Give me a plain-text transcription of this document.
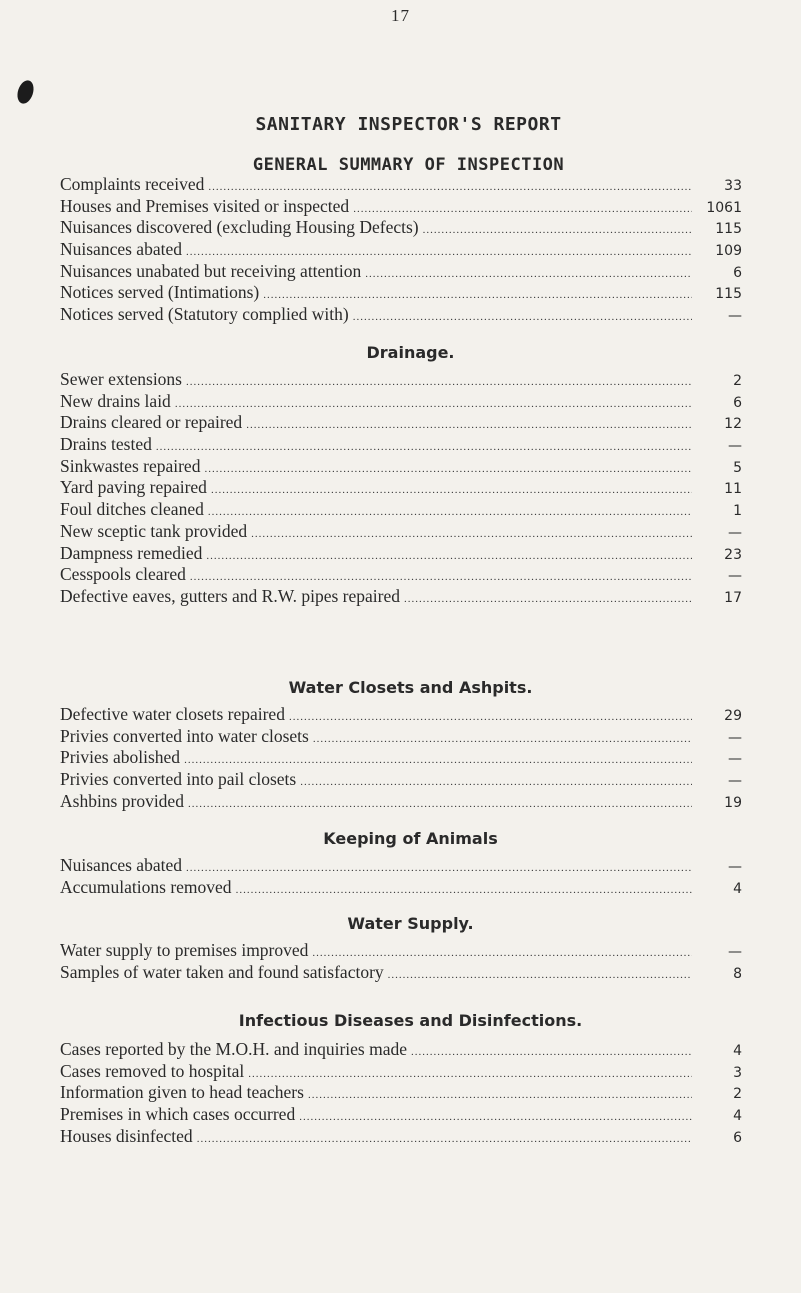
17
SANITARY INSPECTOR'S REPORT
GENERAL SUMMARY OF INSPECTION
Complaints received .....	33
Houses and Premises visited or inspected .....	1061
Nuisances discovered (excluding Housing Defects) .....	115
Nuisances abated .....	109
Nuisances unabated but receiving attention .....	6
Notices served (Intimations) .....	115
Notices served (Statutory complied with) .....	—
Drainage.
Sewer extensions .....	2
New drains laid .....	6
Drains cleared or repaired .....	12
Drains tested .....	—
Sinkwastes repaired .....	5
Yard paving repaired .....	11
Foul ditches cleaned .....	1
New sceptic tank provided .....	—
Dampness remedied .....	23
Cesspools cleared .....	—
Defective eaves, gutters and R.W. pipes repaired .....	17
Water Closets and Ashpits.
Defective water closets repaired .....	29
Privies converted into water closets .....	—
Privies abolished .....	—
Privies converted into pail closets .....	—
Ashbins provided .....	19
Keeping of Animals
Nuisances abated .....	—
Accumulations removed .....	4
Water Supply.
Water supply to premises improved .....	—
Samples of water taken and found satisfactory .....	8
Infectious Diseases and Disinfections.
Cases reported by the M.O.H. and inquiries made .....	4
Cases removed to hospital .....	3
Information given to head teachers .....	2
Premises in which cases occurred .....	4
Houses disinfected .....	6
